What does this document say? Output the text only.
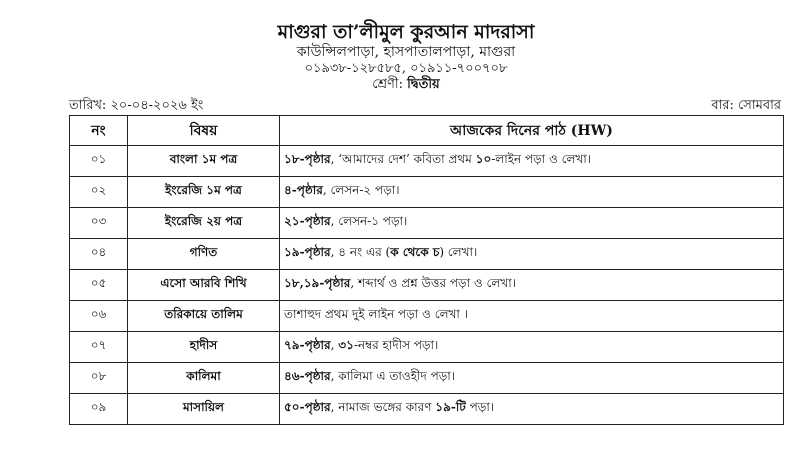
মাগুরা তা’লীমুল কুরআন মাদরাসা
কাউন্সিলপাড়া, হাসপাতালপাড়া, মাগুরা
০১৯৩৮-১২৮৫৮৫, ০১৯১১-৭০০৭০৮
শ্রেণী: দ্বিতীয়
তারিখ: ২০-০৪-২০২৬ ইং	বার: সোমবার
নং	বিষয়	আজকের দিনের পাঠ (HW)
০১	বাংলা ১ম পত্র	১৮-পৃষ্ঠার, ‘আমাদের দেশ’ কবিতা প্রথম ১০-লাইন পড়া ও লেখা।
০২	ইংরেজি ১ম পত্র	৪-পৃষ্ঠার, লেসন-২ পড়া।
০৩	ইংরেজি ২য় পত্র	২১-পৃষ্ঠার, লেসন-১ পড়া।
০৪	গণিত	১৯-পৃষ্ঠার, ৪ নং এর (ক থেকে চ) লেখা।
০৫	এসো আরবি শিখি	১৮,১৯-পৃষ্ঠার, শব্দার্থ ও প্রশ্ন উত্তর পড়া ও লেখা।
০৬	তরিকায়ে তালিম	তাশাহুদ প্রথম দুই লাইন পড়া ও লেখা ।
০৭	হাদীস	৭৯-পৃষ্ঠার, ৩১-নম্বর হাদীস পড়া।
০৮	কালিমা	৪৬-পৃষ্ঠার, কালিমা এ তাওহীদ পড়া।
০৯	মাসায়িল	৫০-পৃষ্ঠার, নামাজ ভঙ্গের কারণ ১৯-টি পড়া।
